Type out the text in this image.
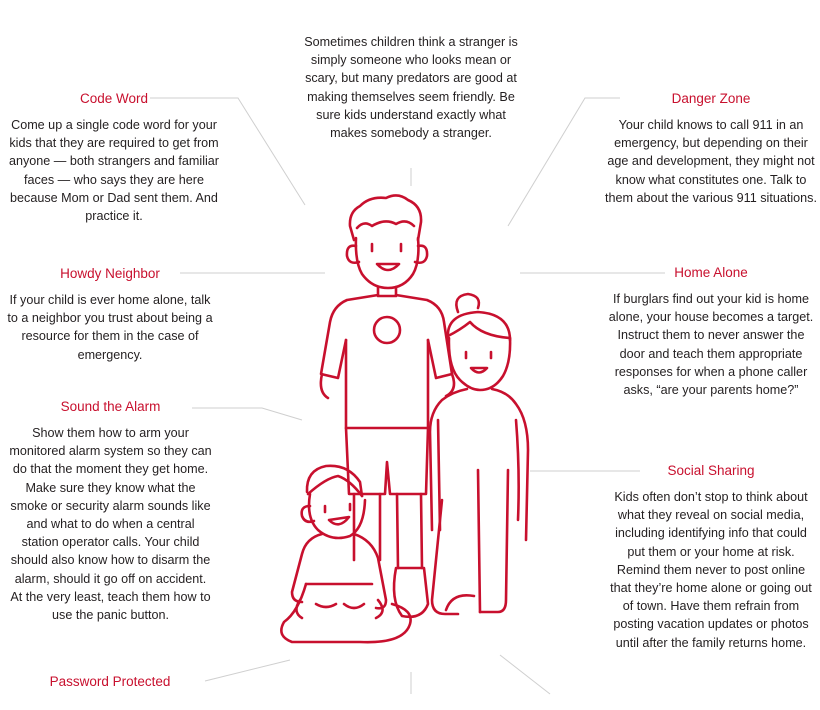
Sometimes children think a stranger is simply someone who looks mean or scary, but many predators are good at making themselves seem friendly. Be sure kids understand exactly what makes somebody a stranger.

Code Word

Come up a single code word for your kids that they are required to get from anyone — both strangers and familiar faces — who says they are here because Mom or Dad sent them. And practice it.

Danger Zone

Your child knows to call 911 in an emergency, but depending on their age and development, they might not know what constitutes one. Talk to them about the various 911 situations.

Howdy Neighbor

If your child is ever home alone, talk to a neighbor you trust about being a resource for them in the case of emergency.

Home Alone

If burglars find out your kid is home alone, your house becomes a target. Instruct them to never answer the door and teach them appropriate responses for when a phone caller asks, “are your parents home?”

Sound the Alarm

Show them how to arm your monitored alarm system so they can do that the moment they get home. Make sure they know what the smoke or security alarm sounds like and what to do when a central station operator calls. Your child should also know how to disarm the alarm, should it go off on accident. At the very least, teach them how to use the panic button.

Social Sharing

Kids often don’t stop to think about what they reveal on social media, including identifying info that could put them or your home at risk. Remind them never to post online that they’re home alone or going out of town. Have them refrain from posting vacation updates or photos until after the family returns home.

Password Protected
